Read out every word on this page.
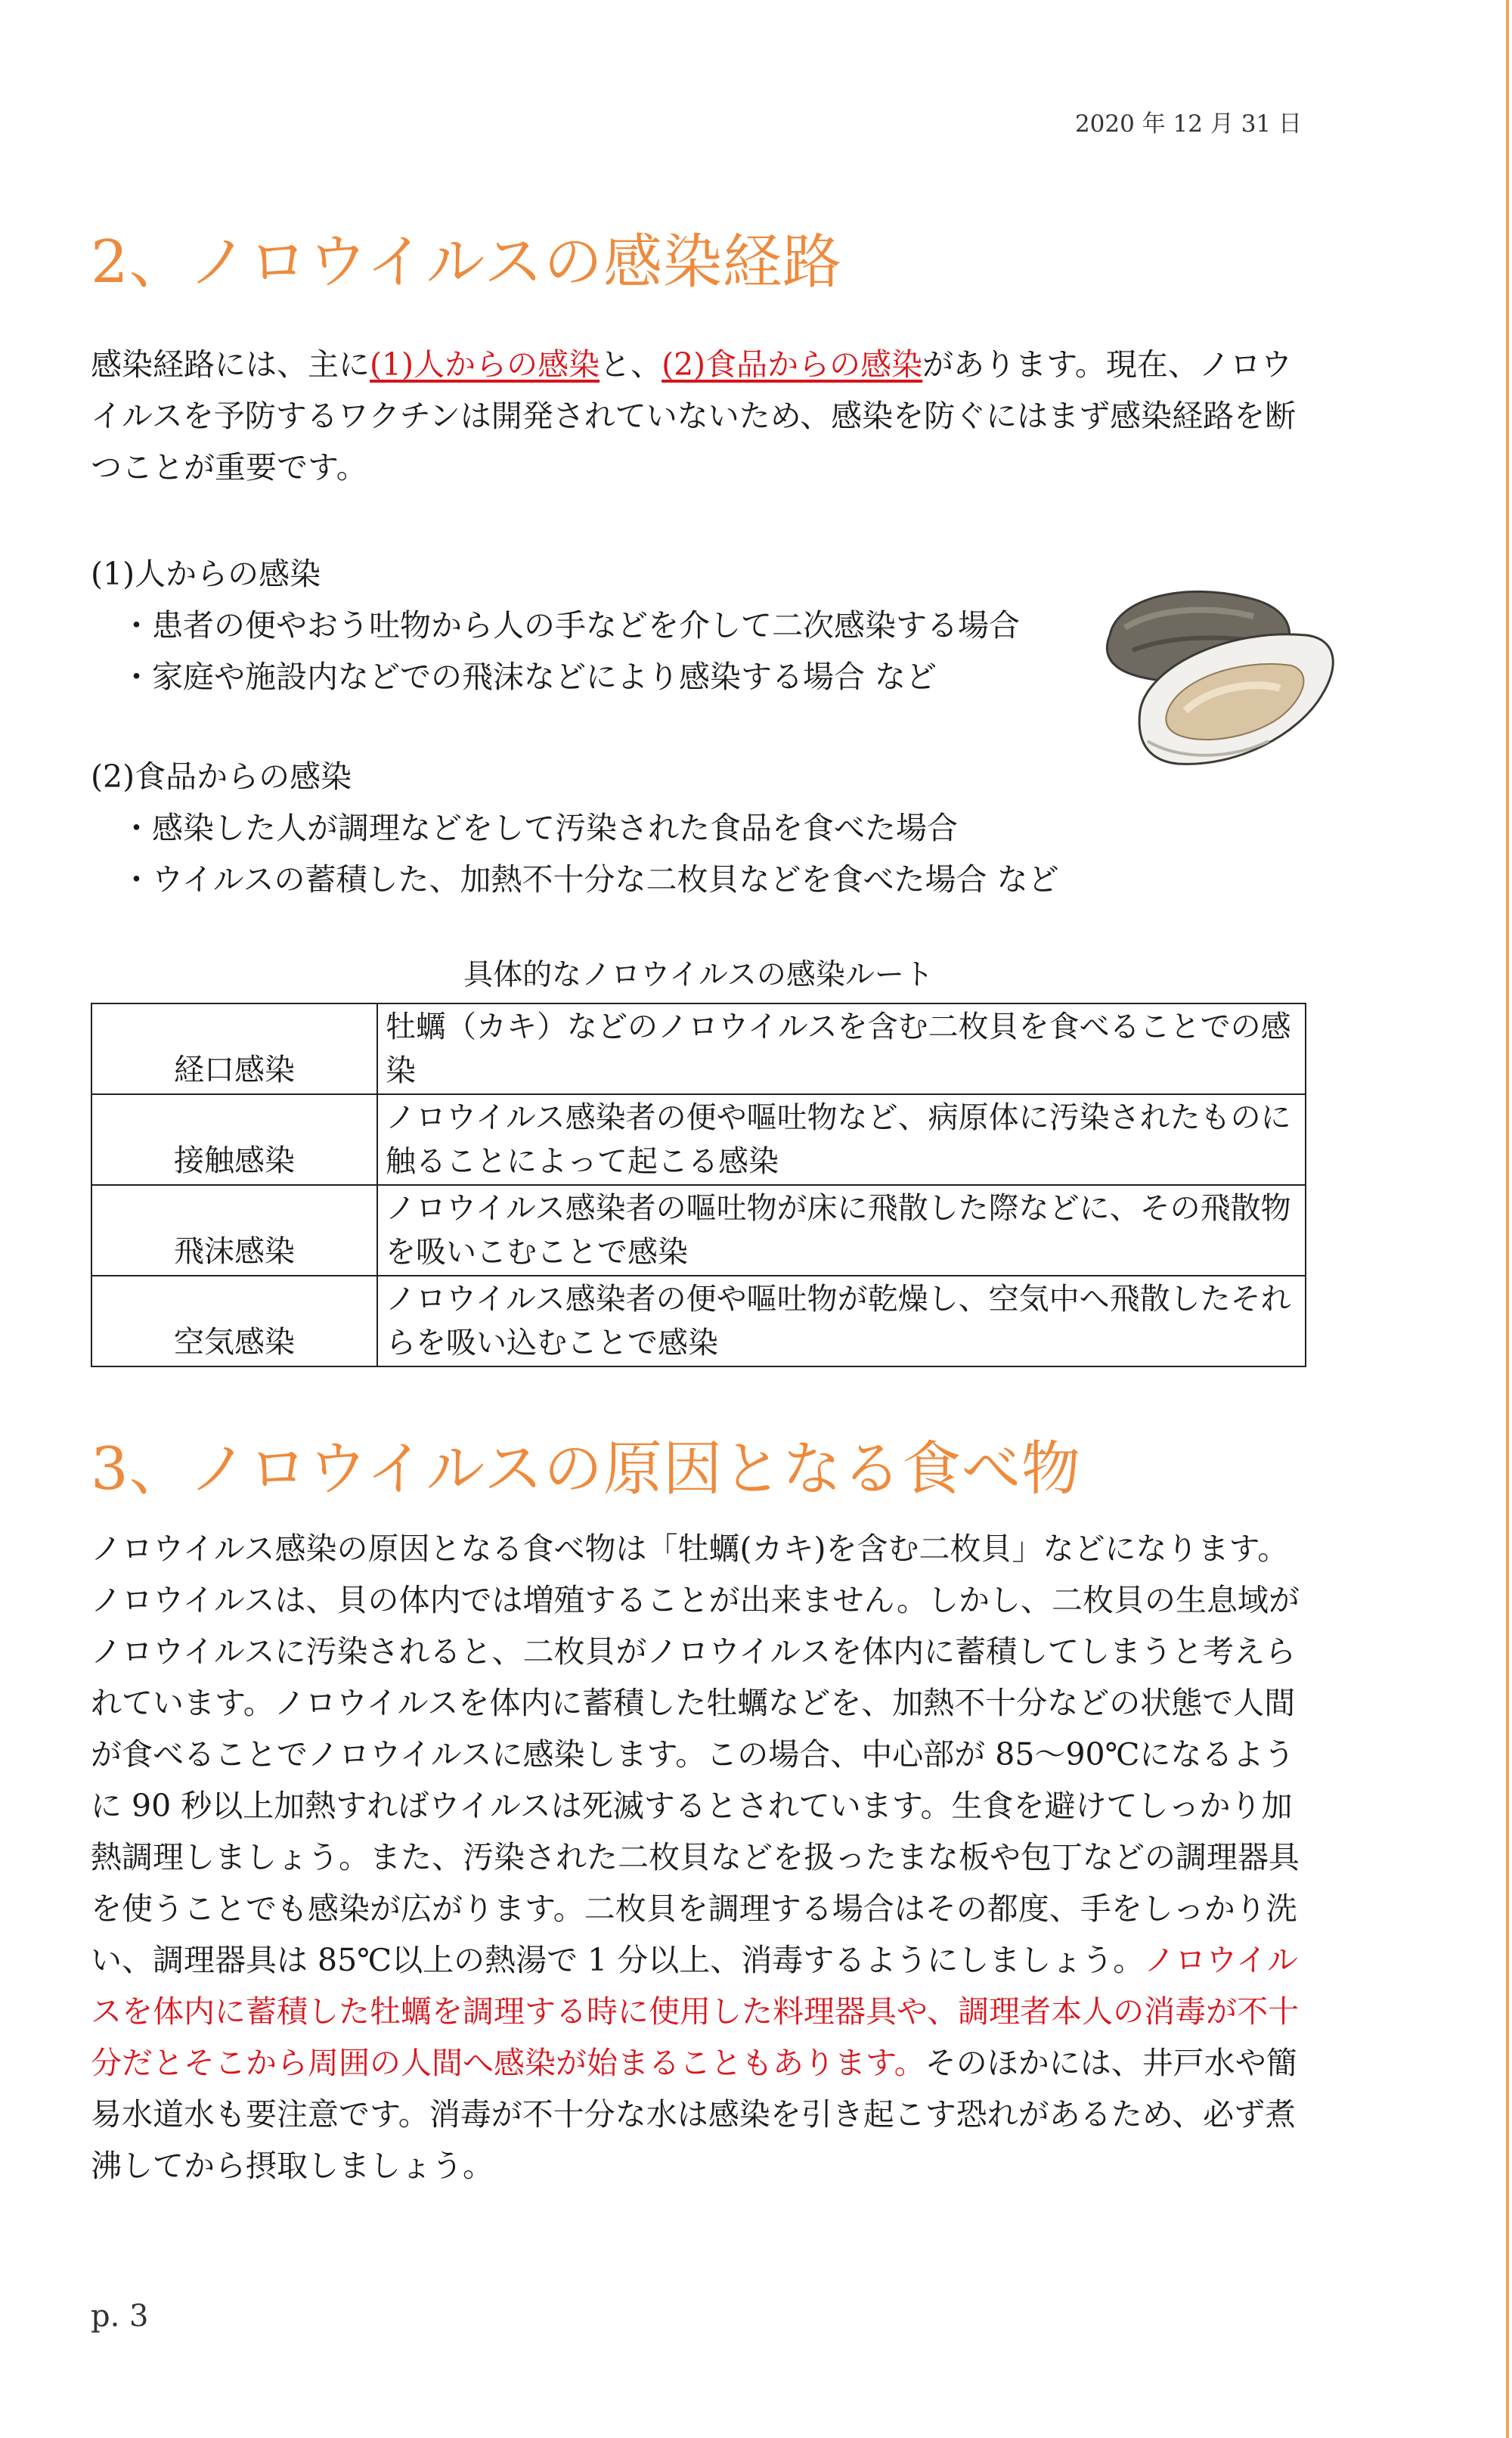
2020 年 12 月 31 日
2、ノロウイルスの感染経路

感染経路には、主に(1)人からの感染と、(2)食品からの感染があります。現在、ノロウイルスを予防するワクチンは開発されていないため、感染を防ぐにはまず感染経路を断つことが重要です。

(1)人からの感染
・患者の便やおう吐物から人の手などを介して二次感染する場合
・家庭や施設内などでの飛沫などにより感染する場合 など
(2)食品からの感染
・感染した人が調理などをして汚染された食品を食べた場合
・ウイルスの蓄積した、加熱不十分な二枚貝などを食べた場合 など
具体的なノロウイルスの感染ルート
経口感染	牡蠣（カキ）などのノロウイルスを含む二枚貝を食べることでの感染
接触感染	ノロウイルス感染者の便や嘔吐物など、病原体に汚染されたものに触ることによって起こる感染
飛沫感染	ノロウイルス感染者の嘔吐物が床に飛散した際などに、その飛散物を吸いこむことで感染
空気感染	ノロウイルス感染者の便や嘔吐物が乾燥し、空気中へ飛散したそれらを吸い込むことで感染
3、ノロウイルスの原因となる食べ物

ノロウイルス感染の原因となる食べ物は「牡蠣(カキ)を含む二枚貝」などになります。ノロウイルスは、貝の体内では増殖することが出来ません。しかし、二枚貝の生息域がノロウイルスに汚染されると、二枚貝がノロウイルスを体内に蓄積してしまうと考えられています。ノロウイルスを体内に蓄積した牡蠣などを、加熱不十分などの状態で人間が食べることでノロウイルスに感染します。この場合、中心部が 85～90℃になるように 90 秒以上加熱すればウイルスは死滅するとされています。生食を避けてしっかり加熱調理しましょう。また、汚染された二枚貝などを扱ったまな板や包丁などの調理器具を使うことでも感染が広がります。二枚貝を調理する場合はその都度、手をしっかり洗い、調理器具は 85℃以上の熱湯で 1 分以上、消毒するようにしましょう。ノロウイルスを体内に蓄積した牡蠣を調理する時に使用した料理器具や、調理者本人の消毒が不十分だとそこから周囲の人間へ感染が始まることもあります。そのほかには、井戸水や簡易水道水も要注意です。消毒が不十分な水は感染を引き起こす恐れがあるため、必ず煮沸してから摂取しましょう。

p. 3
